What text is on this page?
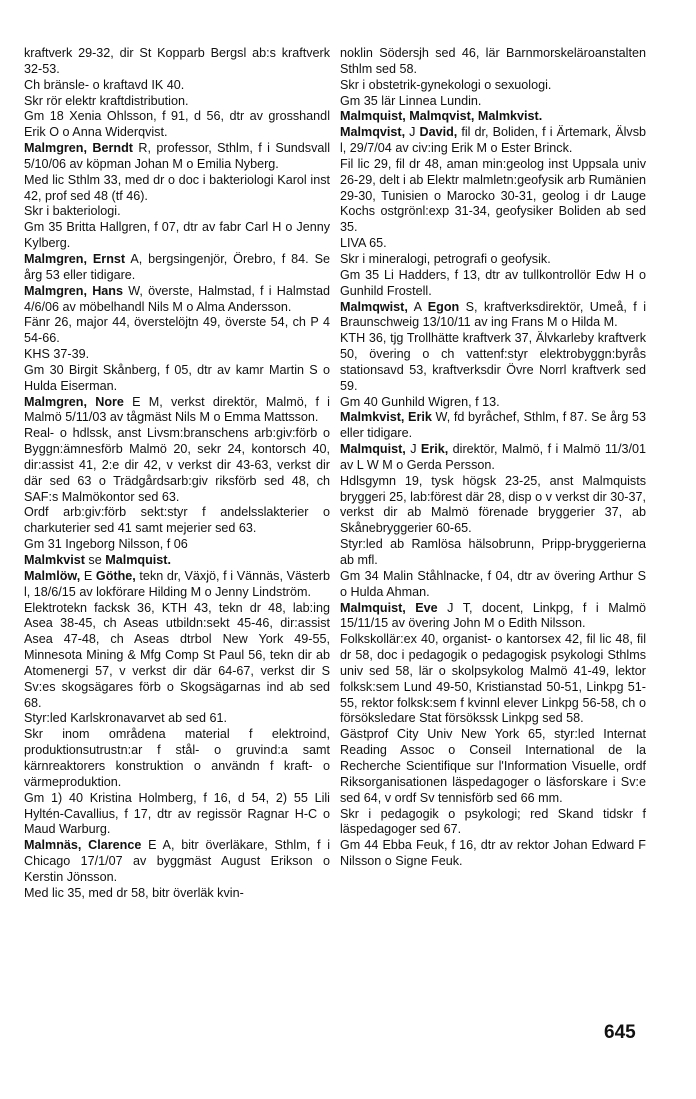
kraftverk 29-32, dir St Kopparb Bergsl ab:s kraftverk 32-53.

Ch bränsle- o kraftavd IK 40.

Skr rör elektr kraftdistribution.

Gm 18 Xenia Ohlsson, f 91, d 56, dtr av grosshandl Erik O o Anna Widerqvist.

Malmgren, Berndt R, professor, Sthlm, f i Sundsvall 5/10/06 av köpman Johan M o Emilia Nyberg.

Med lic Sthlm 33, med dr o doc i bakteriologi Karol inst 42, prof sed 48 (tf 46).

Skr i bakteriologi.

Gm 35 Britta Hallgren, f 07, dtr av fabr Carl H o Jenny Kylberg.

Malmgren, Ernst A, bergsingenjör, Örebro, f 84. Se årg 53 eller tidigare.

Malmgren, Hans W, överste, Halmstad, f i Halmstad 4/6/06 av möbelhandl Nils M o Alma Andersson.

Fänr 26, major 44, överstelöjtn 49, överste 54, ch P 4 54-66.

KHS 37-39.

Gm 30 Birgit Skånberg, f 05, dtr av kamr Martin S o Hulda Eiserman.

Malmgren, Nore E M, verkst direktör, Malmö, f i Malmö 5/11/03 av tågmäst Nils M o Emma Mattsson.

Real- o hdlssk, anst Livsm:branschens arb:giv:förb o Byggn:ämnesförb Malmö 20, sekr 24, kontorsch 40, dir:assist 41, 2:e dir 42, v verkst dir 43-63, verkst dir där sed 63 o Trädgårdsarb:giv riksförb sed 48, ch SAF:s Malmökontor sed 63.

Ordf arb:giv:förb sekt:styr f andelsslakterier o charkuterier sed 41 samt mejerier sed 63.

Gm 31 Ingeborg Nilsson, f 06

Malmkvist se Malmquist.

Malmlöw, E Göthe, tekn dr, Växjö, f i Vännäs, Västerb l, 18/6/15 av lokförare Hilding M o Jenny Lindström.

Elektrotekn facksk 36, KTH 43, tekn dr 48, lab:ing Asea 38-45, ch Aseas utbildn:sekt 45-46, dir:assist Asea 47-48, ch Aseas dtrbol New York 49-55, Minnesota Mining & Mfg Comp St Paul 56, tekn dir ab Atomenergi 57, v verkst dir där 64-67, verkst dir S Sv:es skogsägares förb o Skogsägarnas ind ab sed 68.

Styr:led Karlskronavarvet ab sed 61.

Skr inom områdena material f elektroind, produktionsutrustn:ar f stål- o gruvind:a samt kärnreaktorers konstruktion o användn f kraft- o värmeproduktion.

Gm 1) 40 Kristina Holmberg, f 16, d 54, 2) 55 Lili Hyltén-Cavallius, f 17, dtr av regissör Ragnar H-C o Maud Warburg.

Malmnäs, Clarence E A, bitr överläkare, Sthlm, f i Chicago 17/1/07 av byggmäst August Erikson o Kerstin Jönsson.

Med lic 35, med dr 58, bitr överläk kvin-

noklin Södersjh sed 46, lär Barnmorskeläroanstalten Sthlm sed 58.

Skr i obstetrik-gynekologi o sexuologi.

Gm 35 lär Linnea Lundin.

Malmquist, Malmqvist, Malmkvist.

Malmqvist, J David, fil dr, Boliden, f i Ärtemark, Älvsb l, 29/7/04 av civ:ing Erik M o Ester Brinck.

Fil lic 29, fil dr 48, aman min:geolog inst Uppsala univ 26-29, delt i ab Elektr malmletn:geofysik arb Rumänien 29-30, Tunisien o Marocko 30-31, geolog i dr Lauge Kochs ostgrönl:exp 31-34, geofysiker Boliden ab sed 35.

LIVA 65.

Skr i mineralogi, petrografi o geofysik.

Gm 35 Li Hadders, f 13, dtr av tullkontrollör Edw H o Gunhild Frostell.

Malmqwist, A Egon S, kraftverksdirektör, Umeå, f i Braunschweig 13/10/11 av ing Frans M o Hilda M.

KTH 36, tjg Trollhätte kraftverk 37, Älvkarleby kraftverk 50, övering o ch vattenf:styr elektrobyggn:byrås stationsavd 53, kraftverksdir Övre Norrl kraftverk sed 59.

Gm 40 Gunhild Wigren, f 13.

Malmkvist, Erik W, fd byråchef, Sthlm, f 87. Se årg 53 eller tidigare.

Malmquist, J Erik, direktör, Malmö, f i Malmö 11/3/01 av L W M o Gerda Persson.

Hdlsgymn 19, tysk högsk 23-25, anst Malmquists bryggeri 25, lab:förest där 28, disp o v verkst dir 30-37, verkst dir ab Malmö förenade bryggerier 37, ab Skånebryggerier 60-65.

Styr:led ab Ramlösa hälsobrunn, Pripp-bryggerierna ab mfl.

Gm 34 Malin Ståhlnacke, f 04, dtr av övering Arthur S o Hulda Ahman.

Malmquist, Eve J T, docent, Linkpg, f i Malmö 15/11/15 av övering John M o Edith Nilsson.

Folkskollär:ex 40, organist- o kantorsex 42, fil lic 48, fil dr 58, doc i pedagogik o pedagogisk psykologi Sthlms univ sed 58, lär o skolpsykolog Malmö 41-49, lektor folksk:sem Lund 49-50, Kristianstad 50-51, Linkpg 51-55, rektor folksk:sem f kvinnl elever Linkpg 56-58, ch o försöksledare Stat försökssk Linkpg sed 58.

Gästprof City Univ New York 65, styr:led Internat Reading Assoc o Conseil International de la Recherche Scientifique sur l'Information Visuelle, ordf Riksorganisationen läspedagoger o läsforskare i Sv:e sed 64, v ordf Sv tennisförb sed 66 mm.

Skr i pedagogik o psykologi; red Skand tidskr f läspedagoger sed 67.

Gm 44 Ebba Feuk, f 16, dtr av rektor Johan Edward F Nilsson o Signe Feuk.

645
